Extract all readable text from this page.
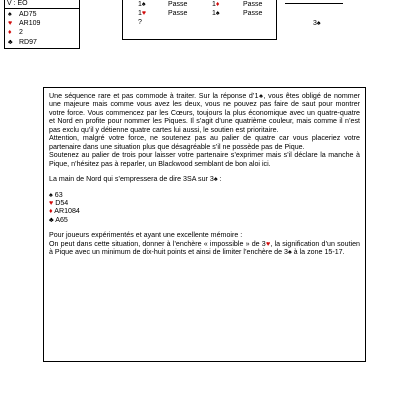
V : EO
♠	AD75
♥ AR109
♦	2
♣ RD97
1♠
1♥
?
Passe
Passe
1♦
1♠
Passe
Passe
3♠

Une séquence rare et pas commode à traiter. Sur la réponse d’1♠, vous êtes obligé de nommer une majeure mais comme vous avez les deux, vous ne pouvez pas faire de saut pour montrer votre force. Vous commencez par les Cœurs, toujours la plus économique avec un quatre-quatre et Nord en profite pour nommer les Piques. Il s’agit d’une quatrième couleur, mais comme il n’est pas exclu qu’il y détienne quatre cartes lui aussi, le soutien est prioritaire.

Attention, malgré votre force, ne soutenez pas au palier de quatre car vous placeriez votre partenaire dans une situation plus que désagréable s’il ne possède pas de Pique.

Soutenez au palier de trois pour laisser votre partenaire s’exprimer mais s’il déclare la manche à Pique, n’hésitez pas à reparler, un Blackwood semblant de bon aloi ici.

La main de Nord qui s’empressera de dire 3SA sur 3♠ :

♠ 63
♥ D54
♦ AR1084
♣ A65

Pour joueurs expérimentés et ayant une excellente mémoire :

On peut dans cette situation, donner à l’enchère « impossible » de 3♥, la signification d’un soutien à Pique avec un minimum de dix-huit points et ainsi de limiter l’enchère de 3♠ à la zone 15-17.
